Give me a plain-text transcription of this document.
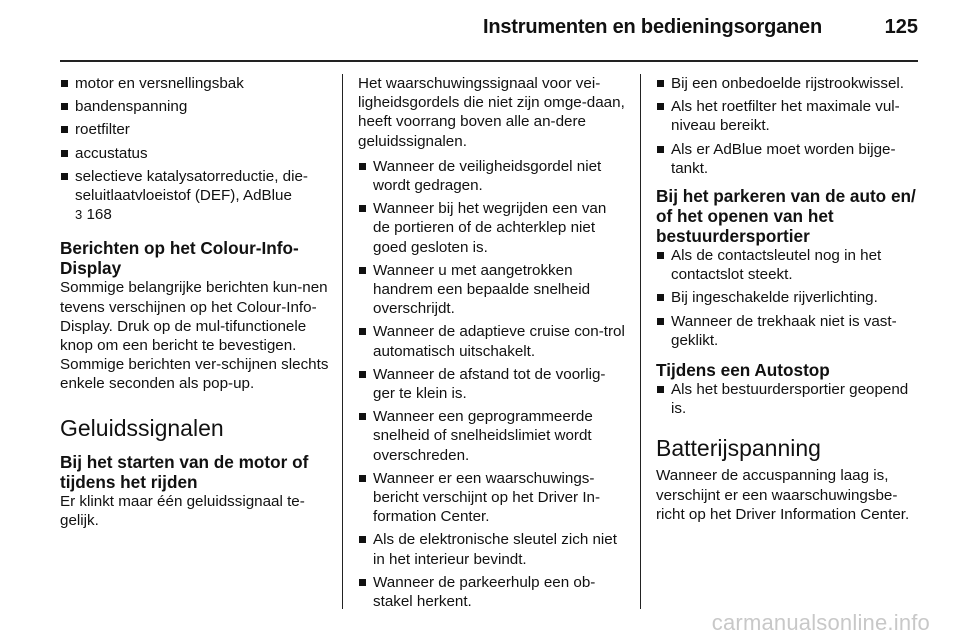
Instrumenten en bedieningsorganen	125
motor en versnellingsbak
bandenspanning
roetfilter
accustatus
selectieve katalysatorreductie, die-seluitlaatvloeistof (DEF), AdBlue
3 168
Berichten op het Colour-Info-Display

Sommige belangrijke berichten kun-nen tevens verschijnen op het Colour-Info-Display. Druk op de mul-tifunctionele knop om een bericht te bevestigen. Sommige berichten ver-schijnen slechts enkele seconden als pop-up.

Geluidssignalen
Bij het starten van de motor of tijdens het rijden

Er klinkt maar één geluidssignaal te-gelijk.

Het waarschuwingssignaal voor vei-ligheidsgordels die niet zijn omge-daan, heeft voorrang boven alle an-dere geluidssignalen.

Wanneer de veiligheidsgordel niet wordt gedragen.
Wanneer bij het wegrijden een van de portieren of de achterklep niet goed gesloten is.
Wanneer u met aangetrokken handrem een bepaalde snelheid overschrijdt.
Wanneer de adaptieve cruise con-trol automatisch uitschakelt.
Wanneer de afstand tot de voorlig-ger te klein is.
Wanneer een geprogrammeerde snelheid of snelheidslimiet wordt overschreden.
Wanneer er een waarschuwings-bericht verschijnt op het Driver In-formation Center.
Als de elektronische sleutel zich niet in het interieur bevindt.
Wanneer de parkeerhulp een ob-stakel herkent.
Bij een onbedoelde rijstrookwissel.
Als het roetfilter het maximale vul-niveau bereikt.
Als er AdBlue moet worden bijge-tankt.
Bij het parkeren van de auto en/ of het openen van het bestuurdersportier
Als de contactsleutel nog in het contactslot steekt.
Bij ingeschakelde rijverlichting.
Wanneer de trekhaak niet is vast-geklikt.
Tijdens een Autostop
Als het bestuurdersportier geopend is.
Batterijspanning

Wanneer de accuspanning laag is, verschijnt er een waarschuwingsbe-richt op het Driver Information Center.

carmanualsonline.info
